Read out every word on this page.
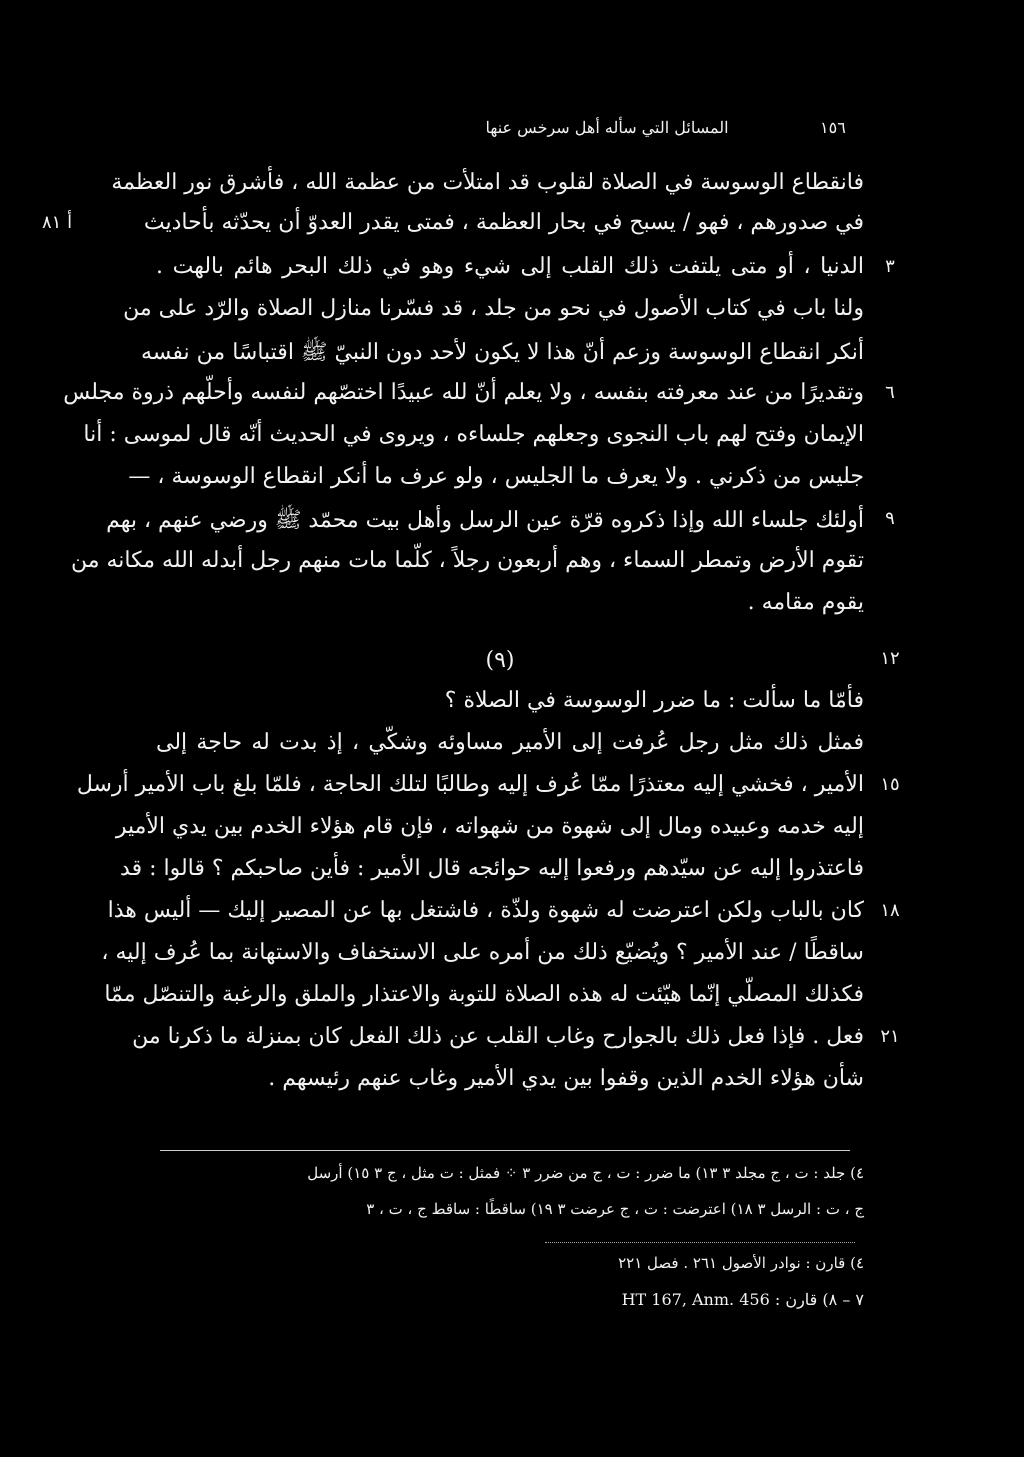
المسائل التي سأله أهل سرخس عنها	١٥٦
أ ٨١
فانقطاع الوسوسة في الصلاة لقلوب قد امتلأت من عظمة الله ، فأشرق نور العظمة
في صدورهم ، فهو / يسبح في بحار العظمة ، فمتى يقدر العدوّ أن يحدّثه بأحاديث
الدنيا ، أو متى يلتفت ذلك القلب إلى شيء وهو في ذلك البحر هائم بالهت .
ولنا باب في كتاب الأصول في نحو من جلد ، قد فسّرنا منازل الصلاة والرّد على من
أنكر انقطاع الوسوسة وزعم أنّ هذا لا يكون لأحد دون النبيّ ﷺ اقتباسًا من نفسه
وتقديرًا من عند معرفته بنفسه ، ولا يعلم أنّ لله عبيدًا اختصّهم لنفسه وأحلّهم ذروة مجلس
الإيمان وفتح لهم باب النجوى وجعلهم جلساءه ، ويروى في الحديث أنّه قال لموسى : أنا
جليس من ذكرني . ولا يعرف ما الجليس ، ولو عرف ما أنكر انقطاع الوسوسة ، —
أولئك جلساء الله وإذا ذكروه قرّة عين الرسل وأهل بيت محمّد ﷺ ورضي عنهم ، بهم
تقوم الأرض وتمطر السماء ، وهم أربعون رجلاً ، كلّما مات منهم رجل أبدله الله مكانه من
يقوم مقامه .
(٩)
فأمّا ما سألت : ما ضرر الوسوسة في الصلاة ؟
فمثل ذلك مثل رجل عُرفت إلى الأمير مساوئه وشكّي ، إذ بدت له حاجة إلى
الأمير ، فخشي إليه معتذرًا ممّا عُرف إليه وطالبًا لتلك الحاجة ، فلمّا بلغ باب الأمير أرسل
إليه خدمه وعبيده ومال إلى شهوة من شهواته ، فإن قام هؤلاء الخدم بين يدي الأمير
فاعتذروا إليه عن سيّدهم ورفعوا إليه حوائجه قال الأمير : فأين صاحبكم ؟ قالوا : قد
كان بالباب ولكن اعترضت له شهوة ولذّة ، فاشتغل بها عن المصير إليك — أليس هذا
ساقطًا / عند الأمير ؟ ويُضيّع ذلك من أمره على الاستخفاف والاستهانة بما عُرف إليه ،
فكذلك المصلّي إنّما هيّئت له هذه الصلاة للتوبة والاعتذار والملق والرغبة والتنصّل ممّا
فعل . فإذا فعل ذلك بالجوارح وغاب القلب عن ذلك الفعل كان بمنزلة ما ذكرنا من
شأن هؤلاء الخدم الذين وقفوا بين يدي الأمير وغاب عنهم رئيسهم .
٣
٦
٩
١٢
١٥
١٨
٢١
٤) جلد : ت ، ج مجلد ٣ ١٣) ما ضرر : ت ، ج من ضرر ٣ ⁘ فمثل : ت مثل ، ج ٣ ١٥) أرسل
ج ، ت : الرسل ٣ ١٨) اعترضت : ت ، ج عرضت ٣ ١٩) ساقطًا : ساقط ج ، ت ، ٣
٤) قارن : نوادر الأصول ٢٦١ . فصل ٢٢١
٧ – ٨) قارن : HT 167, Anm. 456
